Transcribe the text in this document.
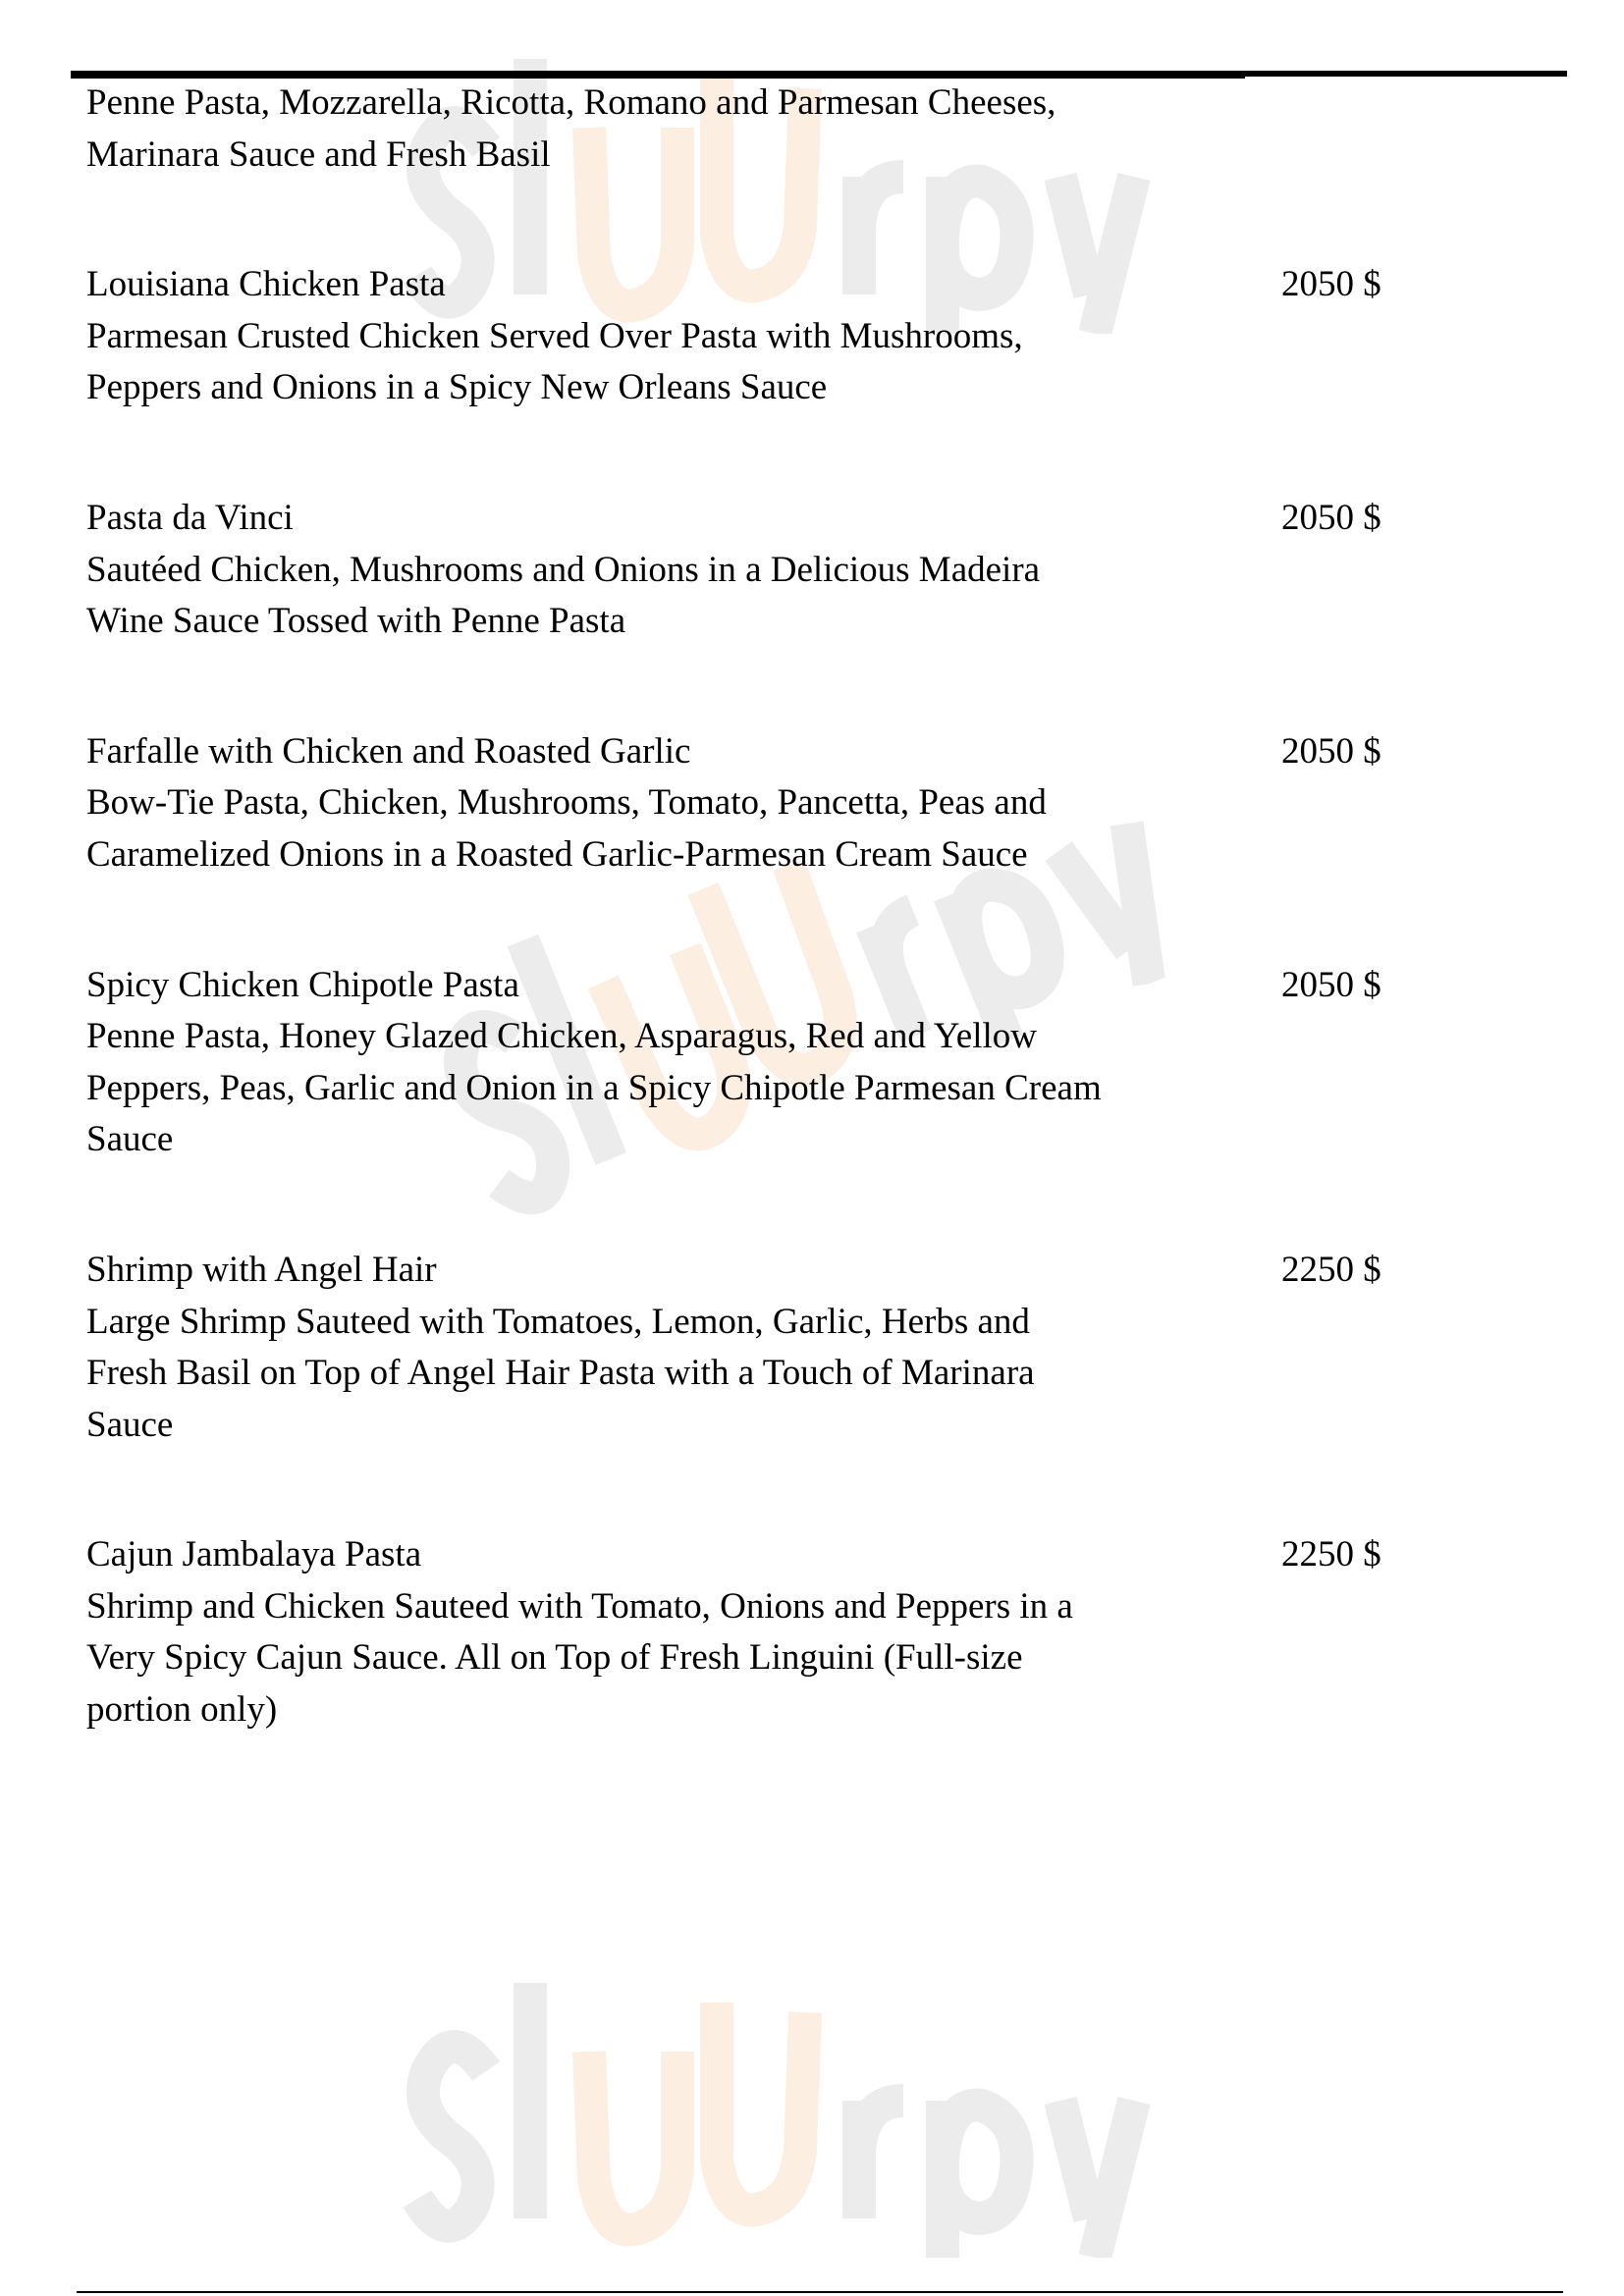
Penne Pasta, Mozzarella, Ricotta, Romano and Parmesan Cheeses,
Marinara Sauce and Fresh Basil
Louisiana Chicken Pasta	2050 $
Parmesan Crusted Chicken Served Over Pasta with Mushrooms,
Peppers and Onions in a Spicy New Orleans Sauce
Pasta da Vinci	2050 $
Sautéed Chicken, Mushrooms and Onions in a Delicious Madeira
Wine Sauce Tossed with Penne Pasta
Farfalle with Chicken and Roasted Garlic	2050 $
Bow-Tie Pasta, Chicken, Mushrooms, Tomato, Pancetta, Peas and
Caramelized Onions in a Roasted Garlic-Parmesan Cream Sauce
Spicy Chicken Chipotle Pasta	2050 $
Penne Pasta, Honey Glazed Chicken, Asparagus, Red and Yellow
Peppers, Peas, Garlic and Onion in a Spicy Chipotle Parmesan Cream
Sauce
Shrimp with Angel Hair	2250 $
Large Shrimp Sauteed with Tomatoes, Lemon, Garlic, Herbs and
Fresh Basil on Top of Angel Hair Pasta with a Touch of Marinara
Sauce
Cajun Jambalaya Pasta	2250 $
Shrimp and Chicken Sauteed with Tomato, Onions and Peppers in a
Very Spicy Cajun Sauce. All on Top of Fresh Linguini (Full-size
portion only)
